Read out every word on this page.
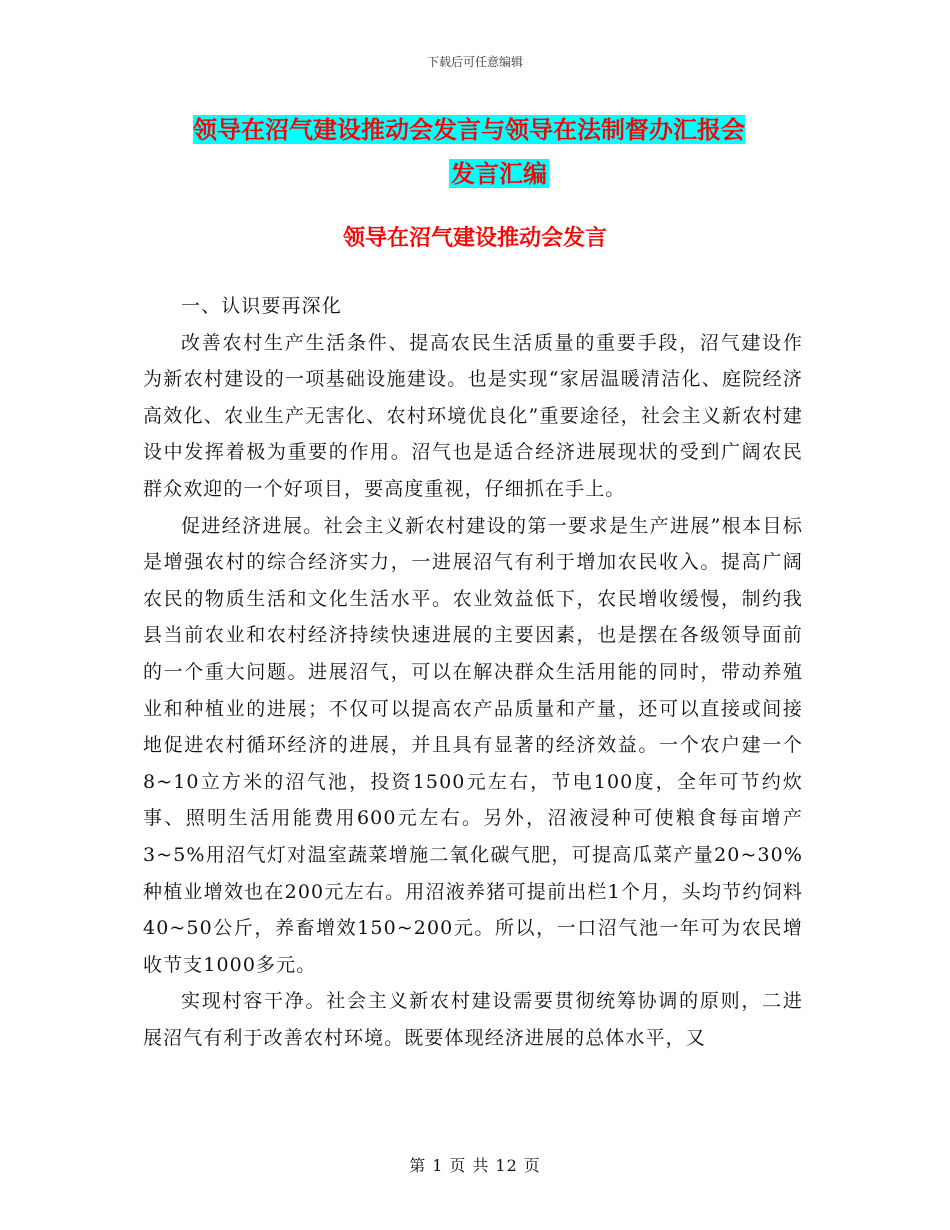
下载后可任意编辑
领导在沼气建设推动会发言与领导在法制督办汇报会
发言汇编
领导在沼气建设推动会发言

一、认识要再深化

改善农村生产生活条件、提高农民生活质量的重要手段，沼气建设作为新农村建设的一项基础设施建设。也是实现“家居温暖清洁化、庭院经济高效化、农业生产无害化、农村环境优良化”重要途径，社会主义新农村建设中发挥着极为重要的作用。沼气也是适合经济进展现状的受到广阔农民群众欢迎的一个好项目，要高度重视，仔细抓在手上。

促进经济进展。社会主义新农村建设的第一要求是生产进展”根本目标是增强农村的综合经济实力，一进展沼气有利于增加农民收入。提高广阔农民的物质生活和文化生活水平。农业效益低下，农民增收缓慢，制约我县当前农业和农村经济持续快速进展的主要因素，也是摆在各级领导面前的一个重大问题。进展沼气，可以在解决群众生活用能的同时，带动养殖业和种植业的进展；不仅可以提高农产品质量和产量，还可以直接或间接地促进农村循环经济的进展，并且具有显著的经济效益。一个农户建一个8~10立方米的沼气池，投资1500元左右，节电100度，全年可节约炊事、照明生活用能费用600元左右。另外，沼液浸种可使粮食每亩增产3~5%用沼气灯对温室蔬菜增施二氧化碳气肥，可提高瓜菜产量20~30%种植业增效也在200元左右。用沼液养猪可提前出栏1个月，头均节约饲料40~50公斤，养畜增效150~200元。所以，一口沼气池一年可为农民增收节支1000多元。

实现村容干净。社会主义新农村建设需要贯彻统筹协调的原则，二进展沼气有利于改善农村环境。既要体现经济进展的总体水平，又

第 1 页 共 12 页
